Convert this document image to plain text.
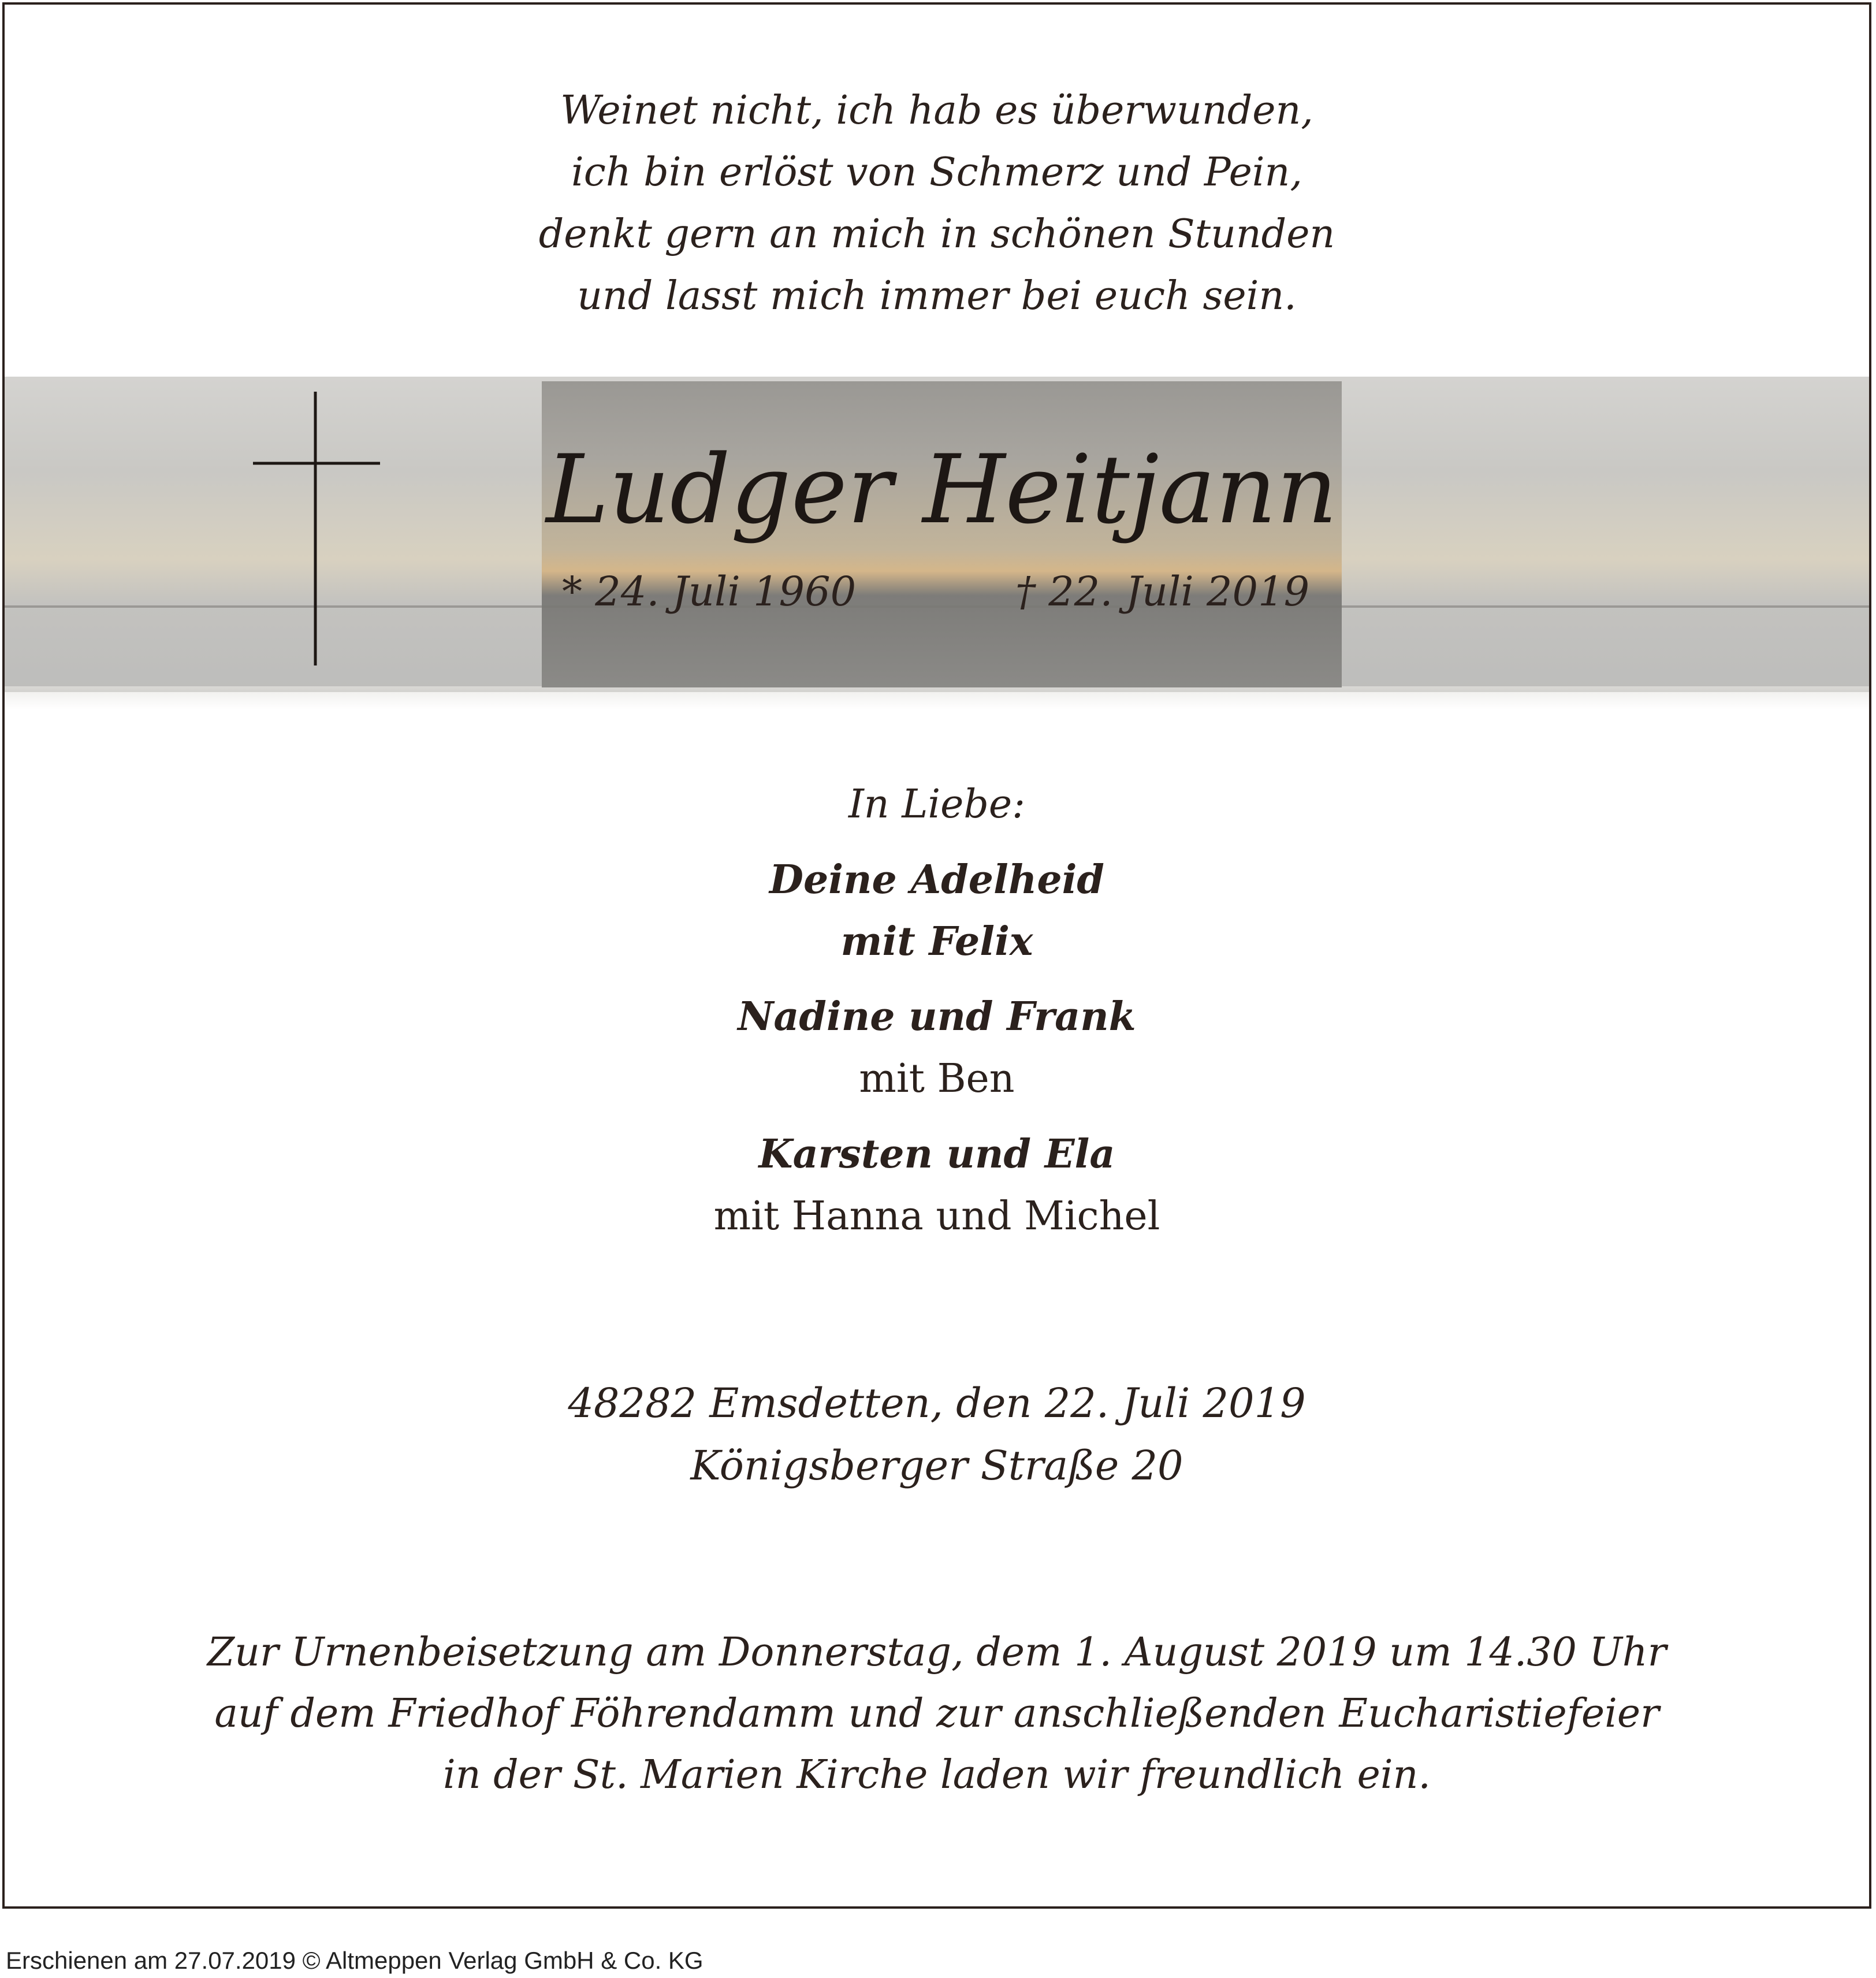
Weinet nicht, ich hab es überwunden,
ich bin erlöst von Schmerz und Pein,
denkt gern an mich in schönen Stunden
und lasst mich immer bei euch sein.
Ludger Heitjann
* 24. Juli 1960	† 22. Juli 2019
In Liebe:
Deine Adelheid
mit Felix
Nadine und Frank
mit Ben
Karsten und Ela
mit Hanna und Michel
48282 Emsdetten, den 22. Juli 2019
Königsberger Straße 20
Zur Urnenbeisetzung am Donnerstag, dem 1. August 2019 um 14.30 Uhr
auf dem Friedhof Föhrendamm und zur anschließenden Eucharistiefeier
in der St. Marien Kirche laden wir freundlich ein.
Erschienen am 27.07.2019 © Altmeppen Verlag GmbH & Co. KG
